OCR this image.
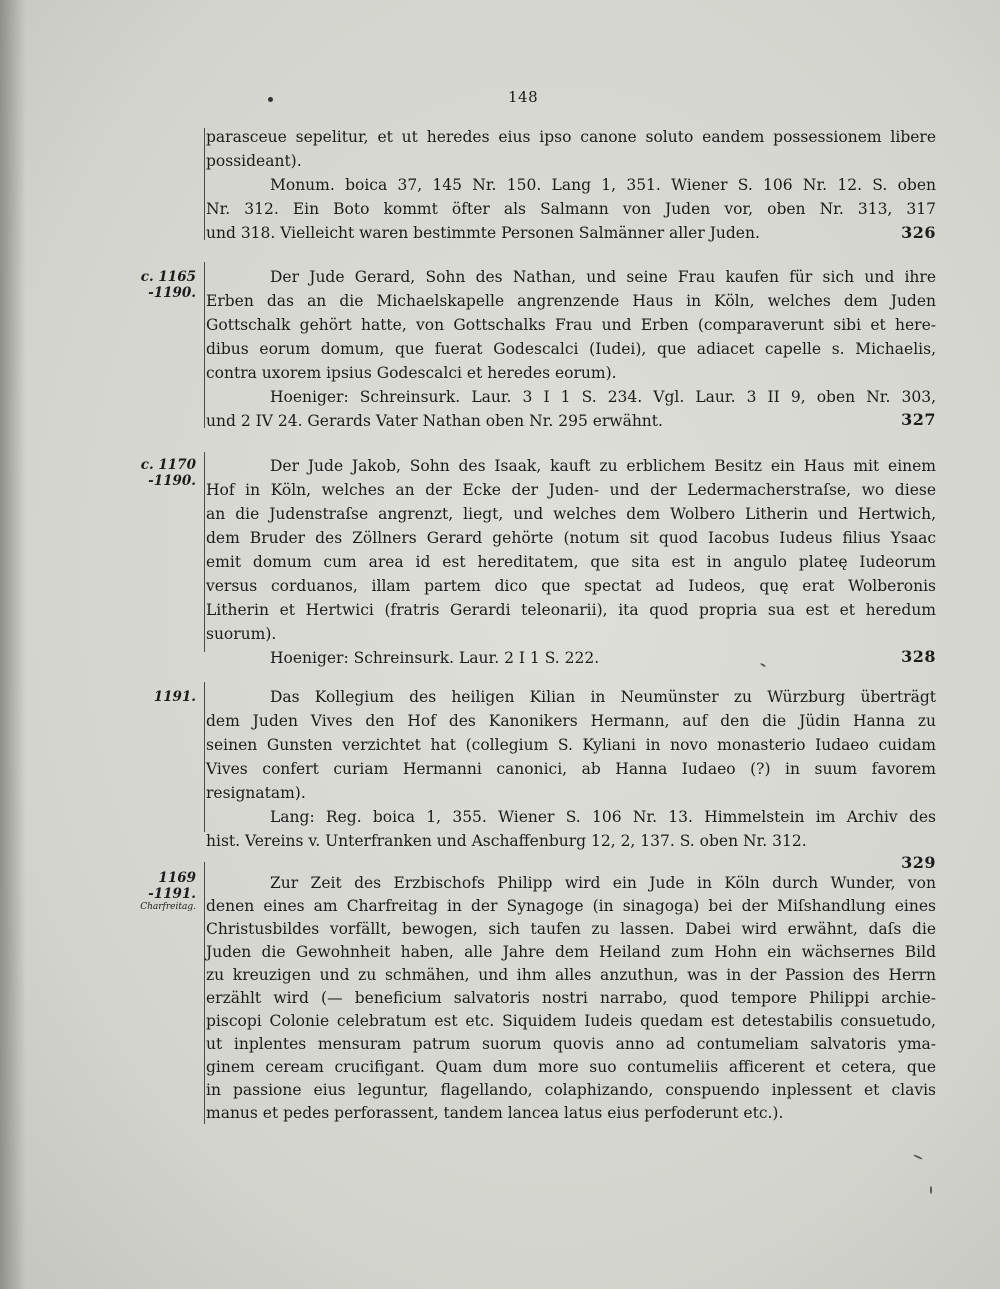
148
parasceue sepelitur, et ut heredes eius ipso canone soluto eandem possessionem libere
possideant).
Monum. boica 37, 145 Nr. 150. Lang 1, 351. Wiener S. 106 Nr. 12. S. oben
Nr. 312. Ein Boto kommt öfter als Salmann von Juden vor, oben Nr. 313, 317
und 318. Vielleicht waren bestimmte Personen Salmänner aller Juden.	326
c. 1165
-1190.
Der Jude Gerard, Sohn des Nathan, und seine Frau kaufen für sich und ihre
Erben das an die Michaelskapelle angrenzende Haus in Köln, welches dem Juden
Gottschalk gehört hatte, von Gottschalks Frau und Erben (comparaverunt sibi et here-
dibus eorum domum, que fuerat Godescalci (Iudei), que adiacet capelle s. Michaelis,
contra uxorem ipsius Godescalci et heredes eorum).
Hoeniger: Schreinsurk. Laur. 3 I 1 S. 234. Vgl. Laur. 3 II 9, oben Nr. 303,
und 2 IV 24. Gerards Vater Nathan oben Nr. 295 erwähnt.	327
c. 1170
-1190.
Der Jude Jakob, Sohn des Isaak, kauft zu erblichem Besitz ein Haus mit einem
Hof in Köln, welches an der Ecke der Juden- und der Ledermacherstraſse, wo diese
an die Judenstraſse angrenzt, liegt, und welches dem Wolbero Litherin und Hertwich,
dem Bruder des Zöllners Gerard gehörte (notum sit quod Iacobus Iudeus filius Ysaac
emit domum cum area id est hereditatem, que sita est in angulo plateę Iudeorum
versus corduanos, illam partem dico que spectat ad Iudeos, quę erat Wolberonis
Litherin et Hertwici (fratris Gerardi teleonarii), ita quod propria sua est et heredum
suorum).
Hoeniger: Schreinsurk. Laur. 2 I 1 S. 222.	328
1191.	Das Kollegium des heiligen Kilian in Neumünster zu Würzburg überträgt
dem Juden Vives den Hof des Kanonikers Hermann, auf den die Jüdin Hanna zu
seinen Gunsten verzichtet hat (collegium S. Kyliani in novo monasterio Iudaeo cuidam
Vives confert curiam Hermanni canonici, ab Hanna Iudaeo (?) in suum favorem
resignatam).
Lang: Reg. boica 1, 355. Wiener S. 106 Nr. 13. Himmelstein im Archiv des
hist. Vereins v. Unterfranken und Aschaffenburg 12, 2, 137. S. oben Nr. 312.
329
1169
-1191.
Charfreitag.
Zur Zeit des Erzbischofs Philipp wird ein Jude in Köln durch Wunder, von
denen eines am Charfreitag in der Synagoge (in sinagoga) bei der Miſshandlung eines
Christusbildes vorfällt, bewogen, sich taufen zu lassen. Dabei wird erwähnt, daſs die
Juden die Gewohnheit haben, alle Jahre dem Heiland zum Hohn ein wächsernes Bild
zu kreuzigen und zu schmähen, und ihm alles anzuthun, was in der Passion des Herrn
erzählt wird (— beneficium salvatoris nostri narrabo, quod tempore Philippi archie-
piscopi Colonie celebratum est etc. Siquidem Iudeis quedam est detestabilis consuetudo,
ut inplentes mensuram patrum suorum quovis anno ad contumeliam salvatoris yma-
ginem ceream crucifigant. Quam dum more suo contumeliis afficerent et cetera, que
in passione eius leguntur, flagellando, colaphizando, conspuendo inplessent et clavis
manus et pedes perforassent, tandem lancea latus eius perfoderunt etc.).
